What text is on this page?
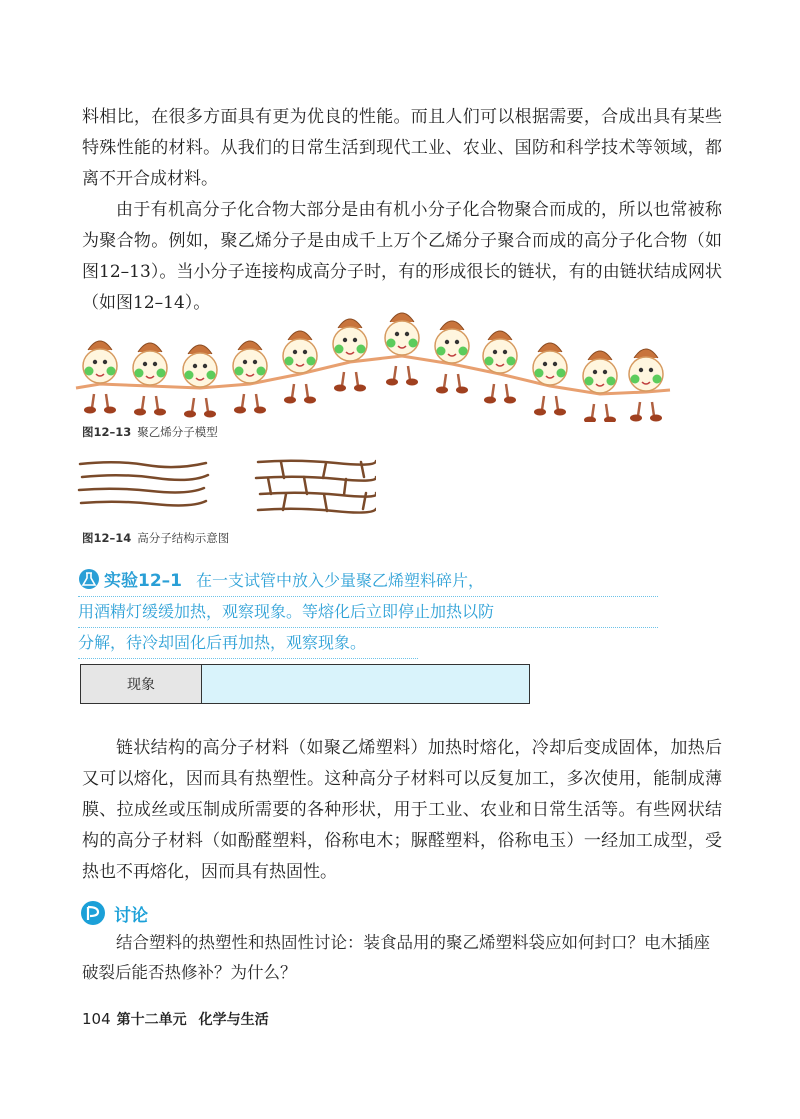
料相比，在很多方面具有更为优良的性能。而且人们可以根据需要，合成出具有某些特殊性能的材料。从我们的日常生活到现代工业、农业、国防和科学技术等领域，都离不开合成材料。

由于有机高分子化合物大部分是由有机小分子化合物聚合而成的，所以也常被称为聚合物。例如，聚乙烯分子是由成千上万个乙烯分子聚合而成的高分子化合物（如图12–13）。当小分子连接构成高分子时，有的形成很长的链状，有的由链状结成网状（如图12–14）。

图12–13 聚乙烯分子模型
图12–14 高分子结构示意图
实验12–1 在一支试管中放入少量聚乙烯塑料碎片，
用酒精灯缓缓加热，观察现象。等熔化后立即停止加热以防
分解，待冷却固化后再加热，观察现象。
现象	

链状结构的高分子材料（如聚乙烯塑料）加热时熔化，冷却后变成固体，加热后又可以熔化，因而具有热塑性。这种高分子材料可以反复加工，多次使用，能制成薄膜、拉成丝或压制成所需要的各种形状，用于工业、农业和日常生活等。有些网状结构的高分子材料（如酚醛塑料，俗称电木；脲醛塑料，俗称电玉）一经加工成型，受热也不再熔化，因而具有热固性。

讨论

结合塑料的热塑性和热固性讨论：装食品用的聚乙烯塑料袋应如何封口？电木插座破裂后能否热修补？为什么？

104 第十二单元 化学与生活
